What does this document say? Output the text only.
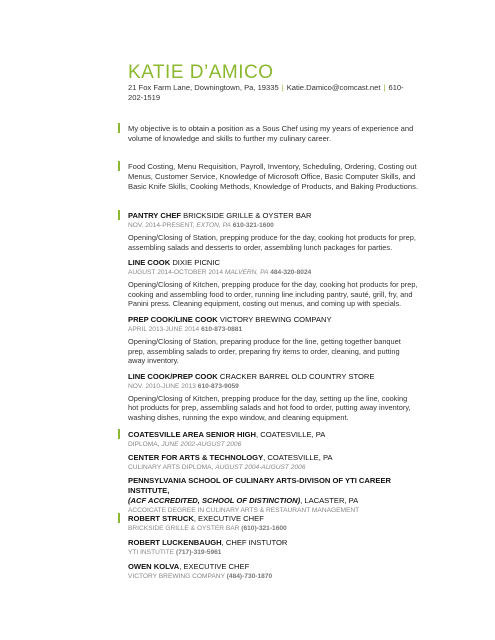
KATIE D’AMICO
21 Fox Farm Lane, Downingtown, Pa, 19335 | Katie.Damico@comcast.net | 610-202-1519
My objective is to obtain a position as a Sous Chef using my years of experience and volume of knowledge and skills to further my culinary career.
Food Costing, Menu Requisition, Payroll, Inventory, Scheduling, Ordering, Costing out Menus, Customer Service, Knowledge of Microsoft Office, Basic Computer Skills, and Basic Knife Skills, Cooking Methods, Knowledge of Products, and Baking Productions.
PANTRY CHEF BRICKSIDE GRILLE & OYSTER BAR
NOV. 2014-PRESENT, EXTON, PA 610-321-1600
Opening/Closing of Station, prepping produce for the day, cooking hot products for prep, assembling salads and desserts to order, assembling lunch packages for parties.
LINE COOK DIXIE PICNIC
AUGUST 2014-OCTOBER 2014 MALVERN, PA 484-320-8024
Opening/Closing of Kitchen, prepping produce for the day, cooking hot products for prep, cooking and assembling food to order, running line including pantry, sauté, grill, fry, and Panini press. Cleaning equipment, costing out menus, and coming up with specials.
PREP COOK/LINE COOK VICTORY BREWING COMPANY
APRIL 2013-JUNE 2014 610-873-0881
Opening/Closing of Station, preparing produce for the line, getting together banquet prep, assembling salads to order, preparing fry items to order, cleaning, and putting away inventory.
LINE COOK/PREP COOK CRACKER BARREL OLD COUNTRY STORE
NOV. 2010-JUNE 2013 610-873-9059
Opening/Closing of Kitchen, prepping produce for the day, setting up the line, cooking hot products for prep, assembling salads and hot food to order, putting away inventory, washing dishes, running the expo window, and cleaning equipment.
COATESVILLE AREA SENIOR HIGH, COATESVILLE, PA
DIPLOMA, JUNE 2002-AUGUST 2006
CENTER FOR ARTS & TECHNOLOGY, COATESVILLE, PA
CULINARY ARTS DIPLOMA, AUGUST 2004-AUGUST 2006
PENNSYLVANIA SCHOOL OF CULINARY ARTS-DIVISON OF YTI CAREER INSTITUTE,
(ACF ACCREDITED, SCHOOL OF DISTINCTION), LACASTER, PA
ACCOICATE DEGREE IN CULINARY ARTS & RESTAURANT MANAGEMENT
ROBERT STRUCK, EXECUTIVE CHEF
BRICKSIDE GRILLE & OYSTER BAR (610)-321-1600
ROBERT LUCKENBAUGH, CHEF INSTUTOR
YTI INSTUTITE (717)-319-5961
OWEN KOLVA, EXECUTIVE CHEF
VICTORY BREWING COMPANY (484)-730-1870
